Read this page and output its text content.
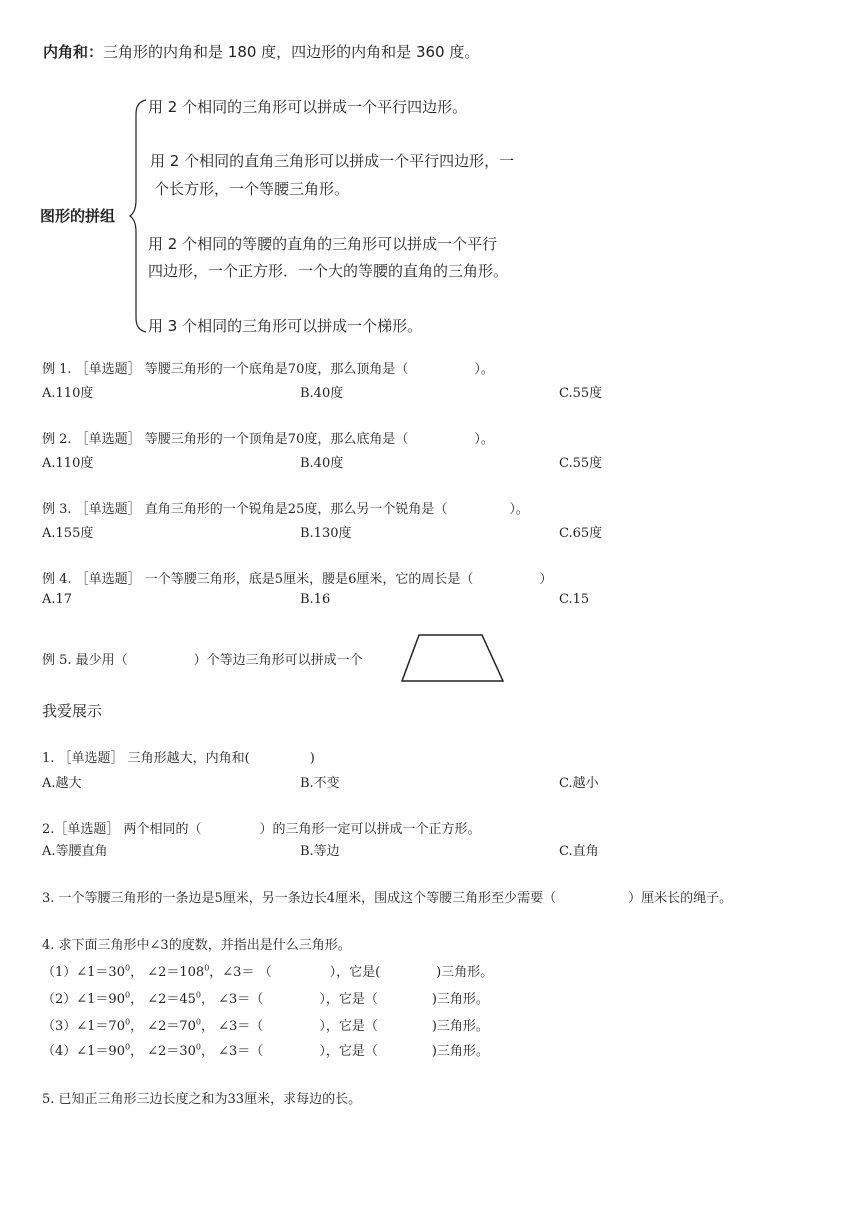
内角和：三角形的内角和是 180 度，四边形的内角和是 360 度。
图形的拼组
用 2 个相同的三角形可以拼成一个平行四边形。
用 2 个相同的直角三角形可以拼成一个平行四边形，一
个长方形，一个等腰三角形。
用 2 个相同的等腰的直角的三角形可以拼成一个平行
四边形，一个正方形．一个大的等腰的直角的三角形。
用 3 个相同的三角形可以拼成一个梯形。
例 1. ［单选题］ 等腰三角形的一个底角是70度，那么顶角是（	）。
A.110度	B.40度	C.55度
例 2. ［单选题］ 等腰三角形的一个顶角是70度，那么底角是（	）。
A.110度	B.40度	C.55度
例 3. ［单选题］ 直角三角形的一个锐角是25度，那么另一个锐角是（	）。
A.155度	B.130度	C.65度
例 4. ［单选题］ 一个等腰三角形，底是5厘米，腰是6厘米，它的周长是（	）
A.17	B.16	C.15
例 5. 最少用（	）个等边三角形可以拼成一个
我爱展示
1. ［单选题］ 三角形越大，内角和(	)
A.越大	B.不变	C.越小
2.［单选题］ 两个相同的（	）的三角形一定可以拼成一个正方形。
A.等腰直角	B.等边	C.直角
3. 一个等腰三角形的一条边是5厘米，另一条边长4厘米，围成这个等腰三角形至少需要（	）厘米长的绳子。
4. 求下面三角形中∠3的度数，并指出是什么三角形。
$(1)\angle 1=30^0$， $\angle 2=108^0$，∠3＝ （	），它是(	)三角形。
$(2)\angle 1=90^0$， $\angle 2=45^0$， ∠3＝（	），它是（	)三角形。
$(3)\angle 1=70^0$， $\angle 2=70^0$， ∠3＝（	），它是（	)三角形。
$(4)\angle 1=90^0$， $\angle 2=30^0$， ∠3＝（	），它是（	)三角形。
5. 已知正三角形三边长度之和为33厘米，求每边的长。
